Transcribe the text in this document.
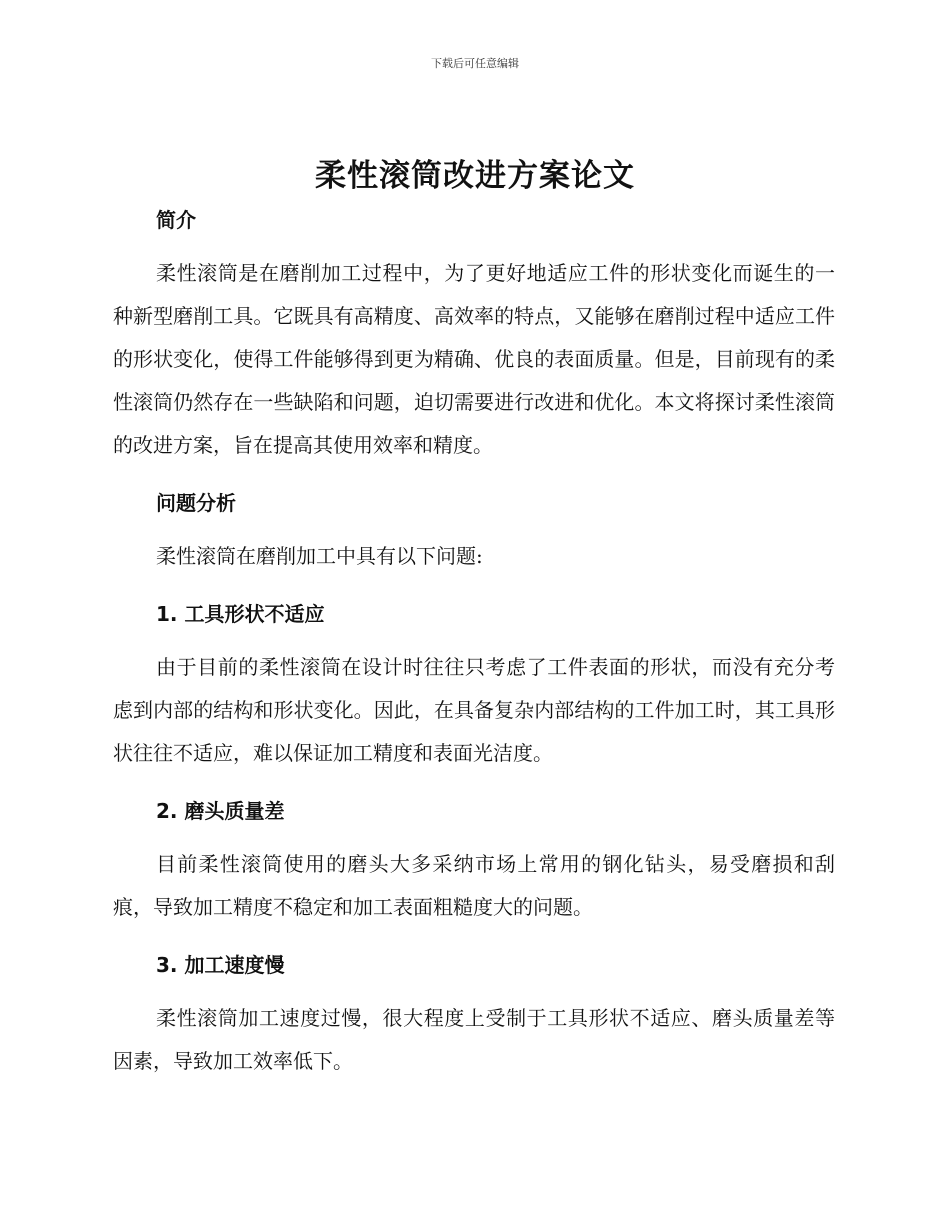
下载后可任意编辑
柔性滚筒改进方案论文
简介

柔性滚筒是在磨削加工过程中，为了更好地适应工件的形状变化而诞生的一种新型磨削工具。它既具有高精度、高效率的特点，又能够在磨削过程中适应工件的形状变化，使得工件能够得到更为精确、优良的表面质量。但是，目前现有的柔性滚筒仍然存在一些缺陷和问题，迫切需要进行改进和优化。本文将探讨柔性滚筒的改进方案，旨在提高其使用效率和精度。

问题分析

柔性滚筒在磨削加工中具有以下问题:

1. 工具形状不适应

由于目前的柔性滚筒在设计时往往只考虑了工件表面的形状，而没有充分考虑到内部的结构和形状变化。因此，在具备复杂内部结构的工件加工时，其工具形状往往不适应，难以保证加工精度和表面光洁度。

2. 磨头质量差

目前柔性滚筒使用的磨头大多采纳市场上常用的钢化钻头，易受磨损和刮痕，导致加工精度不稳定和加工表面粗糙度大的问题。

3. 加工速度慢

柔性滚筒加工速度过慢，很大程度上受制于工具形状不适应、磨头质量差等因素，导致加工效率低下。
